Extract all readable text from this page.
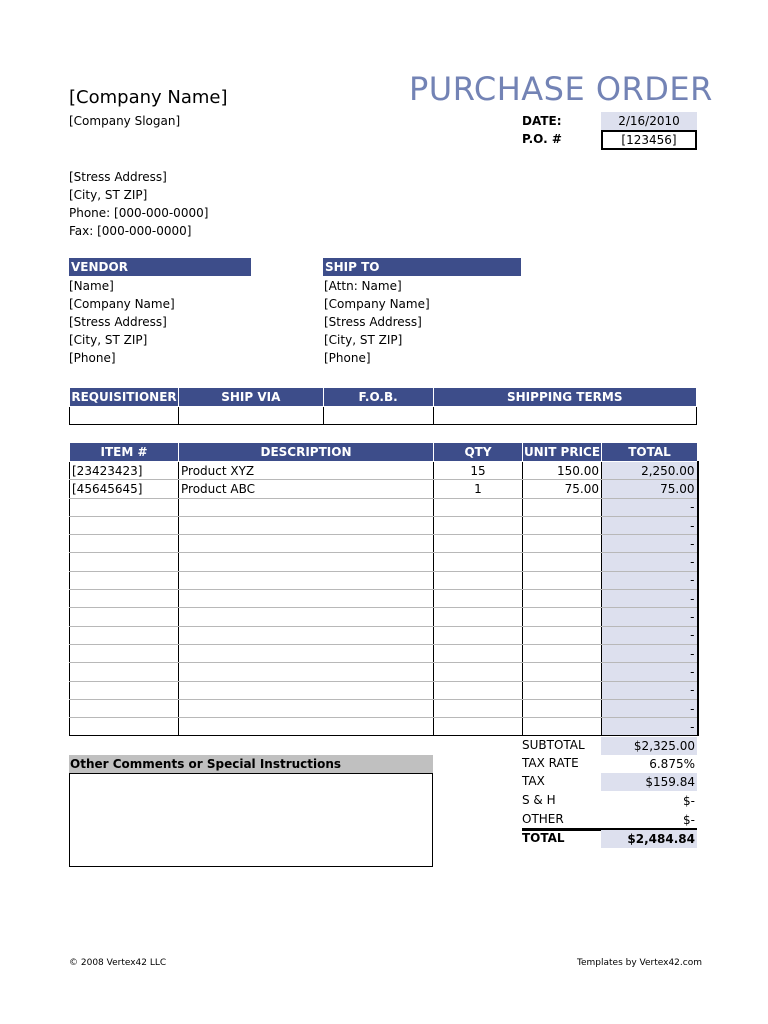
[Company Name]
[Company Slogan]
PURCHASE ORDER
DATE:	2/16/2010
P.O. #	[123456]
[Stress Address]
[City, ST ZIP]
Phone: [000-000-0000]
Fax: [000-000-0000]
VENDOR
[Name]
[Company Name]
[Stress Address]
[City, ST ZIP]
[Phone]
SHIP TO
[Attn: Name]
[Company Name]
[Stress Address]
[City, ST ZIP]
[Phone]
REQUISITIONER	SHIP VIA	F.O.B.	SHIPPING TERMS

ITEM #	DESCRIPTION	QTY	UNIT PRICE	TOTAL
[23423423]	Product XYZ	15	150.00	2,250.00
[45645645]	Product ABC	1	75.00	75.00
				-
				-
				-
				-
				-
				-
				-
				-
				-
				-
				-
				-
				-
Other Comments or Special Instructions
SUBTOTAL	$2,325.00
TAX RATE	6.875%
TAX	$159.84
S & H	$-
OTHER	$-
TOTAL	$2,484.84
© 2008 Vertex42 LLC	Templates by Vertex42.com
